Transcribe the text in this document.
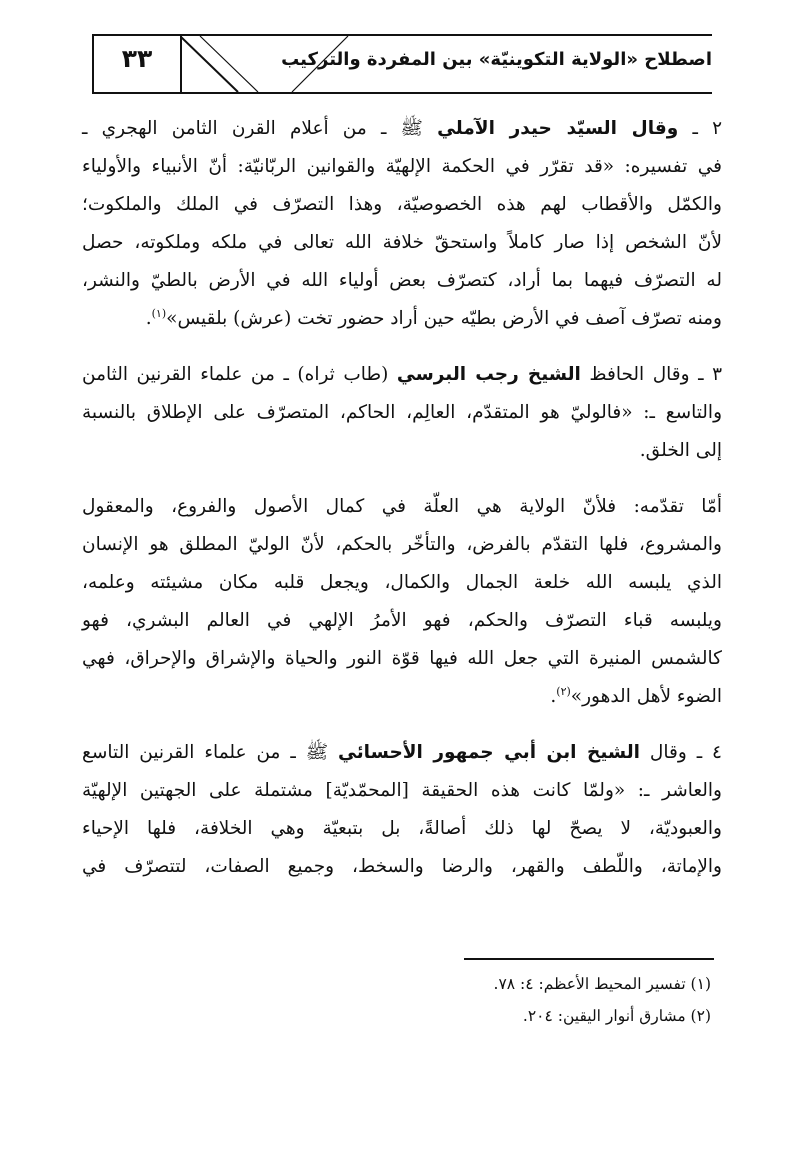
٣٣	اصطلاح «الولاية التكوينيّة» بين المفردة والتركيب
٢ ـ وقال السيّد حيدر الآملي ﷺ ـ من أعلام القرن الثامن الهجري ـ
في تفسيره: «قد تقرّر في الحكمة الإلهيّة والقوانين الربّانيّة: أنّ الأنبياء والأولياء
والكمّل والأقطاب لهم هذه الخصوصيّة، وهذا التصرّف في الملك والملكوت؛
لأنّ الشخص إذا صار كاملاً واستحقّ خلافة الله تعالى في ملكه وملكوته، حصل
له التصرّف فيهما بما أراد، كتصرّف بعض أولياء الله في الأرض بالطيّ والنشر،
ومنه تصرّف آصف في الأرض بطيّه حين أراد حضور تخت (عرش) بلقيس»$^{(١)}$.
٣ ـ وقال الحافظ الشيخ رجب البرسي (طاب ثراه) ـ من علماء القرنين الثامن
والتاسع ـ: «فالوليّ هو المتقدّم، العالِم، الحاكم، المتصرّف على الإطلاق بالنسبة
إلى الخلق.
أمّا تقدّمه: فلأنّ الولاية هي العلّة في كمال الأصول والفروع، والمعقول
والمشروع، فلها التقدّم بالفرض، والتأخّر بالحكم، لأنّ الوليّ المطلق هو الإنسان
الذي يلبسه الله خلعة الجمال والكمال، ويجعل قلبه مكان مشيئته وعلمه،
ويلبسه قباء التصرّف والحكم، فهو الأمرُ الإلهي في العالم البشري، فهو
كالشمس المنيرة التي جعل الله فيها قوّة النور والحياة والإشراق والإحراق، فهي
الضوء لأهل الدهور»$^{(٢)}$.
٤ ـ وقال الشيخ ابن أبي جمهور الأحسائي ﷺ ـ من علماء القرنين التاسع
والعاشر ـ: «ولمّا كانت هذه الحقيقة [المحمّديّة] مشتملة على الجهتين الإلهيّة
والعبوديّة، لا يصحّ لها ذلك أصالةً، بل بتبعيّة وهي الخلافة، فلها الإحياء
والإماتة، واللّطف والقهر، والرضا والسخط، وجميع الصفات، لتتصرّف في
(١) تفسير المحيط الأعظم: ٤: ٧٨.
(٢) مشارق أنوار اليقين: ٢٠٤.
